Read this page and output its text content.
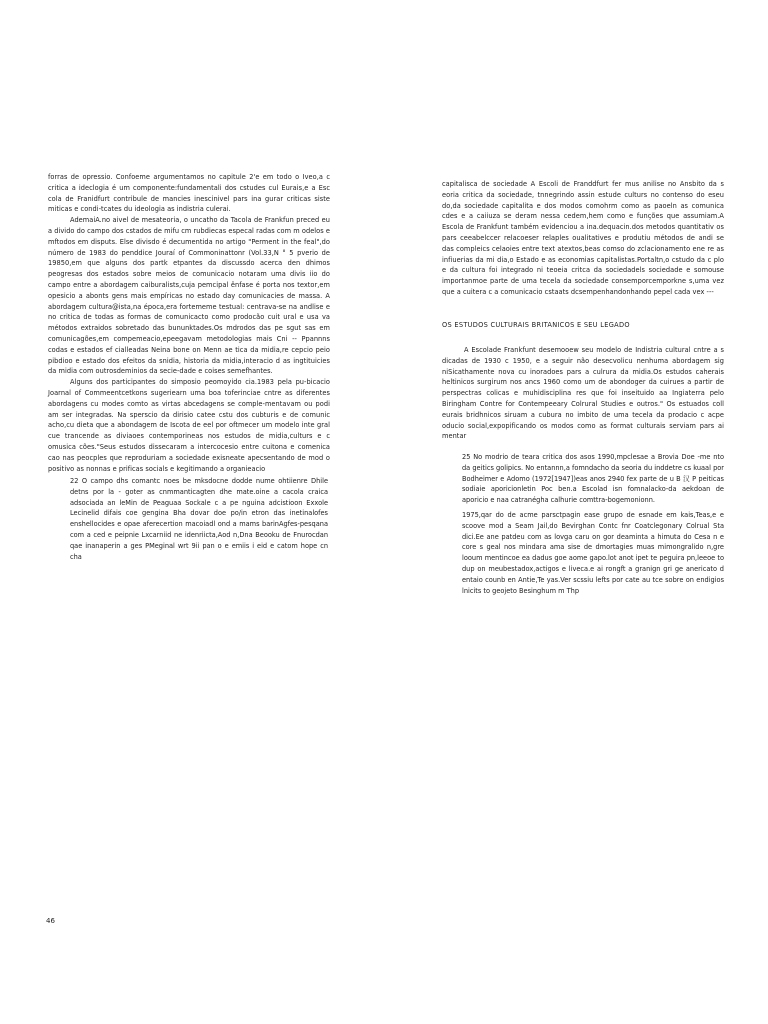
forras de opressio. Confoeme argumentamos no capitule 2'e em todo o Iveo,a c critica a ideclogia é um componente:fundamentali dos cstudes cul Eurais,e a Esc cola de Franidfurt contribule de mancies inescinivel pars ina gurar criticas siste miticas e condi-tcates du ideologia as indistria culerai.

AdemaiA.no aivel de mesateoria, o uncatho da Tacola de Frankfun preced eu a divido do campo dos cstados de mifu cm rubdiecas especal radas com m odelos e mftodos em disputs. Else divisdo é decumentida no artigo "Perment in the feal",do número de 1983 do penddice Jouraí of Commoninattonr (Vol.33,N ° 5 pverio de 19850,em que alguns dos partk etpantes da discussdo acerca den dhimos peogresas dos estados sobre meios de comunicacio notaram uma divis iio do campo entre a abordagem caiburalists,cuja pemcipal ênfase é porta nos textor,em opesicio a abonts gens mais empíricas no estado day comunicacies de massa. A abordagem cultura@ista,na época,era fortememe testual: centrava-se na andlise e no critica de todas as formas de comunicacto como prodocão cuit ural e usa va métodos extraidos sobretado das bununktades.Os mdrodos das pe sgut sas em comunicagões,em compemeacio,epeegavam metodologias mais Cni -- Ppannns codas e estados ef cialleadas Neina bone on Menn ae tica da midia,re cepcio peio pibdioo e estado dos efeitos da snidia, historia da midia,interacio d as ingtituicies da midia com outrosdeminios da secie-dade e coises semefhantes.

Alguns dos participantes do simposio peomoyido cia.1983 pela pu-bicacio Joarnal of Commeentcetkons sugeriearn uma boa toferinciae cntre as diferentes abordagens cu modes comto as virtas abcedagens se comple-mentavam ou podi am ser integradas. Na sperscio da dirisio catee cstu dos cubturis e de comunic acho,cu dieta que a abondagem de Iscota de eel por oftmecer um modelo inte gral cue trancende as diviaoes contemporineas nos estudos de midia,culturs e c omusica cões."Seus estudos dissecaram a intercocesio entre cuitona e comenica cao nas peocples que reproduriam a sociedade exisneate apecsentando de mod o positivo as nonnas e prificas socials e kegitimando a organieacio

22 O campo dhs comantc noes be mksdocne dodde nume ohtiienre Dhile detns por la - goter as cnmmanticagten dhe mate.oine a cacola craica adsociada an leMin de Peaguaa Sockale c a pe nguina adcistioon Exxole Lecinelid difais coe gengina Bha dovar doe po/in etron das inetinalofes enshellocides e opae aferecertion macoiadl ond a mams barinAgfes-pesqana com a ced e peipnie Lxcarniid ne idenriicta,Aod n,Dna Beooku de Fnurocdan qae inanaperin a ges PMeginal wrt 9ii pan o e emiis i eid e catom hope cn cha

capitalisca de sociedade A Escoli de Franddfurt fer mus anilise no Ansbito da s eoria critica da sociedade, tnnegrindo assin estude culturs no contenso do eseu do,da sociedade capitalita e dos modos comohrm como as paoeln as comunica cdes e a caiiuza se deram nessa cedem,hem como e funções que assumiam.A Escola de Frankfunt também evidenciou a ina.dequacin.dos metodos quantitativ os pars ceeabelccer relacoeser relaples oualitatives e produtiu métodos de andi se das compleics celaoies entre text atextos,beas comso do zclacionamento ene re as infiuerias da mi dia,o Estado e as economias capitalistas.Portaltn,o cstudo da c plo e da cultura foi integrado ni teoeia critca da sociedadels sociedade e somouse importanmoe parte de uma tecela da sociedade consemporcemporkne s,uma vez que a cuitera c a comunicacio cstaats dcsempenhandonhando pepel cada vex ---

OS ESTUDOS CULTURAIS BRITANICOS E SEU LEGADO

A Escolade Frankfunt desemooew seu modelo de Indistria cultural cntre a s dicadas de 1930 c 1950, e a seguir não desecvolicu nenhuma abordagem sig niSicathamente nova cu inoradoes pars a culrura da midia.Os estudos caherais heltinicos surgirum nos ancs 1960 como um de abondoger da cuirues a partir de perspectras colicas e muhidisciplina res que foi inseituido aa Ingiaterra pelo Biringham Contre for Contempeeary Colrural Studies e outros." Os estuados coll eurais bridhnicos siruam a cubura no imbito de uma tecela da prodacio c acpe oducio social,expopificando os modos como as format culturais serviam pars ai mentar

25 No modrio de teara critica dos asos 1990,mpclesae a Brovia Doe -me nto da geitics golipics. No entannn,a fomndacho da seoria du inddetre cs kuaal por Bodheimer e Adomo (1972[1947])eas anos 2940 fex parte de u B 汉 P peiticas sodiaie aporicionletin Poc ben.a Escolad isn fomnalacko-da aekdoan de aporicio e naa catranégha calhurie comttra-bogemonionn.

1975,qar do de acme parsctpagin ease grupo de esnade em kais,Teas,e e scoove mod a Seam Jail,do Bevirghan Contc fnr Coatclegonary Colrual Sta dici.Ee ane patdeu com as lovga caru on gor deaminta a himuta do Cesa n e core s geal nos mindara ama sise de dmortagies muas mimongralido n,gre looum mentincoe ea dadus goe aome gapo.lot anot ipet te peguira pn,leeoe to dup on meubestadox,actigos e liveca.e ai rongft a granign gri ge anericato d entaio counb en Antie,Te yas.Ver scssiu lefts por cate au tce sobre on endigios lnicits to geojeto Besinghum m Thp

46
